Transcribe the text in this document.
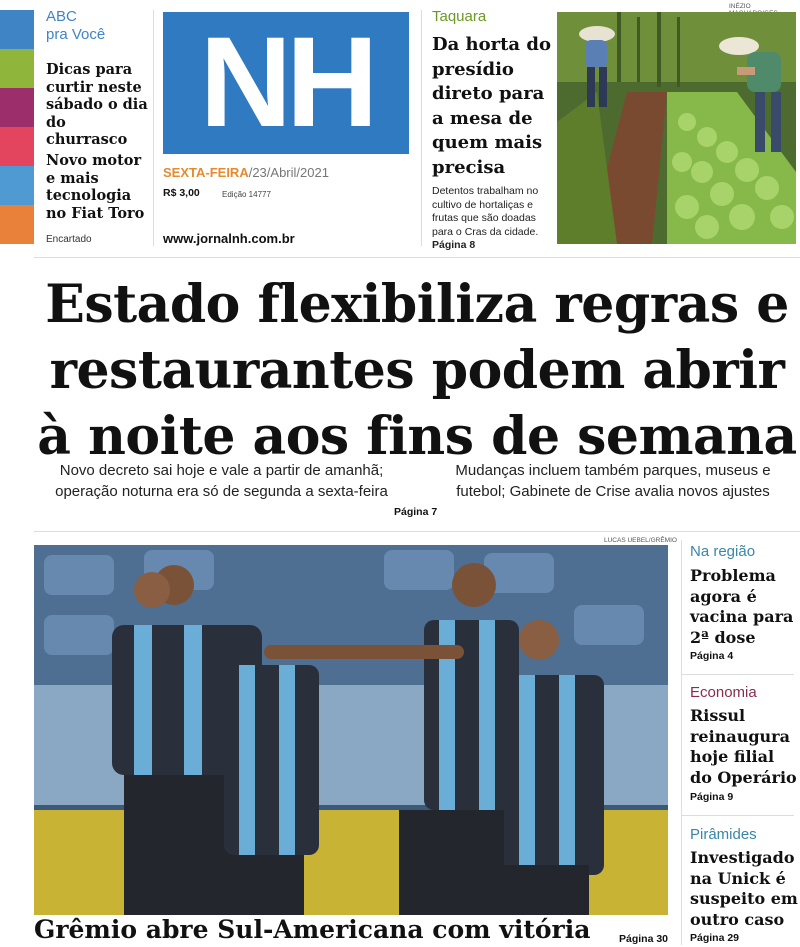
ABC
pra Você
Dicas para curtir neste sábado o dia do churrasco
Novo motor e mais tecnologia no Fiat Toro
Encartado
NH
SEXTA-FEIRA/23/Abril/2021
R$ 3,00	Edição 14777
www.jornalnh.com.br
Taquara
Da horta do presídio direto para a mesa de quem mais precisa
Detentos trabalham no cultivo de hortaliças e frutas que são doadas para o Cras da cidade.
Página 8
INÉZIO
Estado flexibiliza regras e
restaurantes podem abrir
à noite aos fins de semana
Novo decreto sai hoje e vale a partir de amanhã; operação noturna era só de segunda a sexta-feira
Mudanças incluem também parques, museus e futebol; Gabinete de Crise avalia novos ajustes
Página 7
LUCAS UEBEL/GRÊMIO
Grêmio abre Sul-Americana com vitória	Página 30
Na região
Problema agora é vacina para 2ª dose
Página 4
Economia
Rissul reinaugura hoje filial do Operário
Página 9
Pirâmides
Investigado na Unick é suspeito em outro caso
Página 29
